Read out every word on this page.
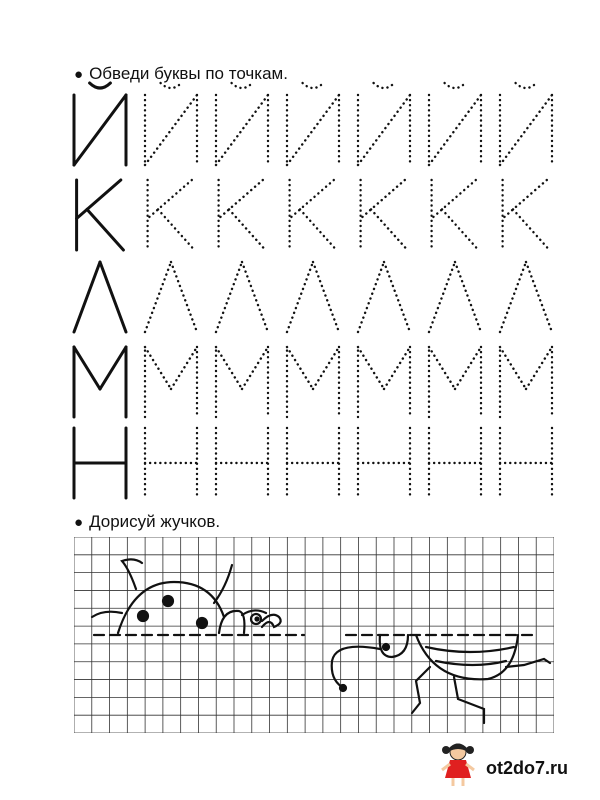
● Обведи буквы по точкам.
● Дорисуй жучков.
ot2do7.ru
